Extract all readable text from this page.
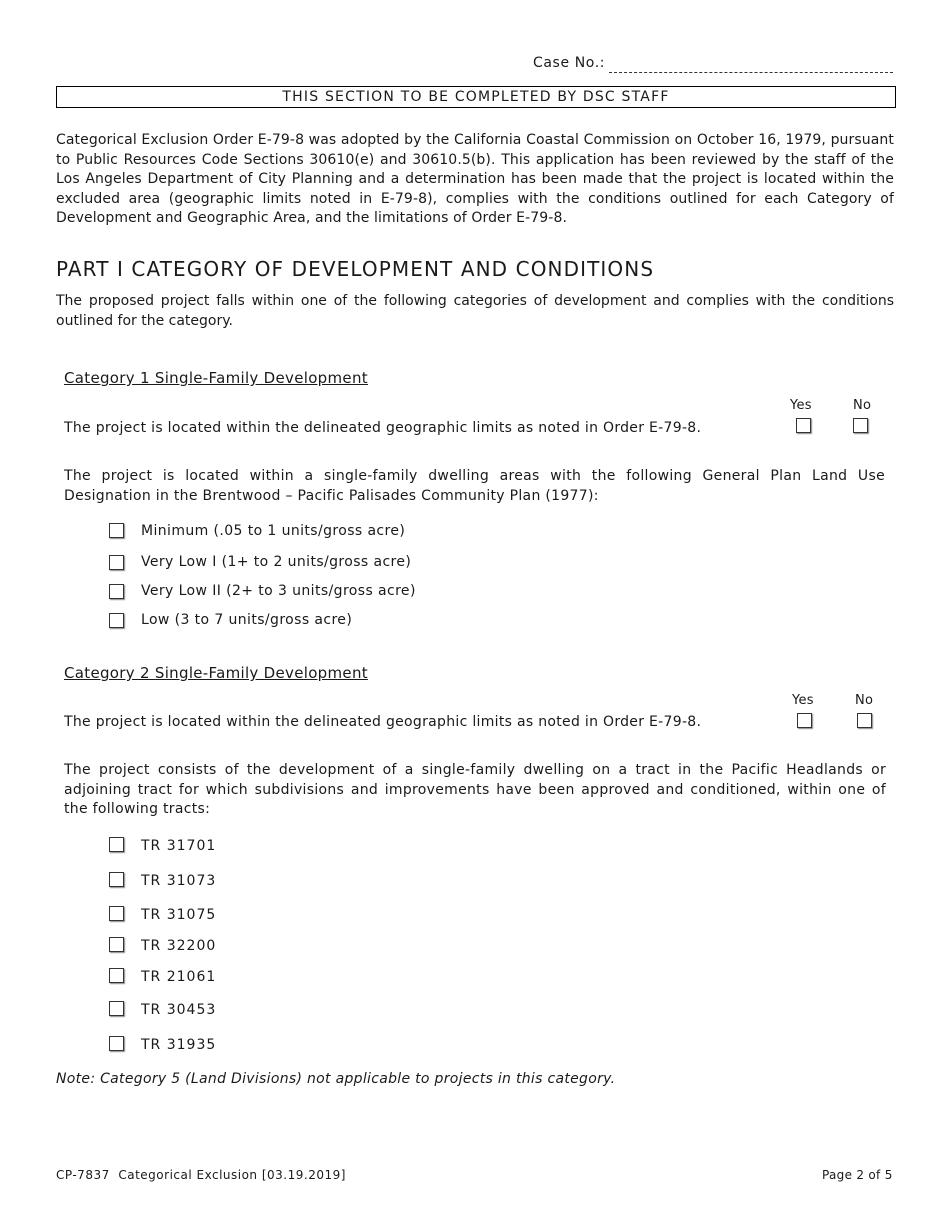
Case No.:
THIS SECTION TO BE COMPLETED BY DSC STAFF
Categorical Exclusion Order E-79-8 was adopted by the California Coastal Commission on October 16, 1979, pursuant to Public Resources Code Sections 30610(e) and 30610.5(b). This application has been reviewed by the staff of the Los Angeles Department of City Planning and a determination has been made that the project is located within the excluded area (geographic limits noted in E-79-8), complies with the conditions outlined for each Category of Development and Geographic Area, and the limitations of Order E-79-8.
PART I CATEGORY OF DEVELOPMENT AND CONDITIONS
The proposed project falls within one of the following categories of development and complies with the conditions outlined for the category.
Category 1 Single-Family Development
Yes	No
The project is located within the delineated geographic limits as noted in Order E-79-8.
The project is located within a single-family dwelling areas with the following General Plan Land Use Designation in the Brentwood – Pacific Palisades Community Plan (1977):
Minimum (.05 to 1 units/gross acre)
Very Low I (1+ to 2 units/gross acre)
Very Low II (2+ to 3 units/gross acre)
Low (3 to 7 units/gross acre)
Category 2 Single-Family Development
Yes	No
The project is located within the delineated geographic limits as noted in Order E-79-8.
The project consists of the development of a single-family dwelling on a tract in the Pacific Headlands or adjoining tract for which subdivisions and improvements have been approved and conditioned, within one of the following tracts:
TR 31701
TR 31073
TR 31075
TR 32200
TR 21061
TR 30453
TR 31935
Note: Category 5 (Land Divisions) not applicable to projects in this category.
CP-7837  Categorical Exclusion [03.19.2019]	Page 2 of 5
